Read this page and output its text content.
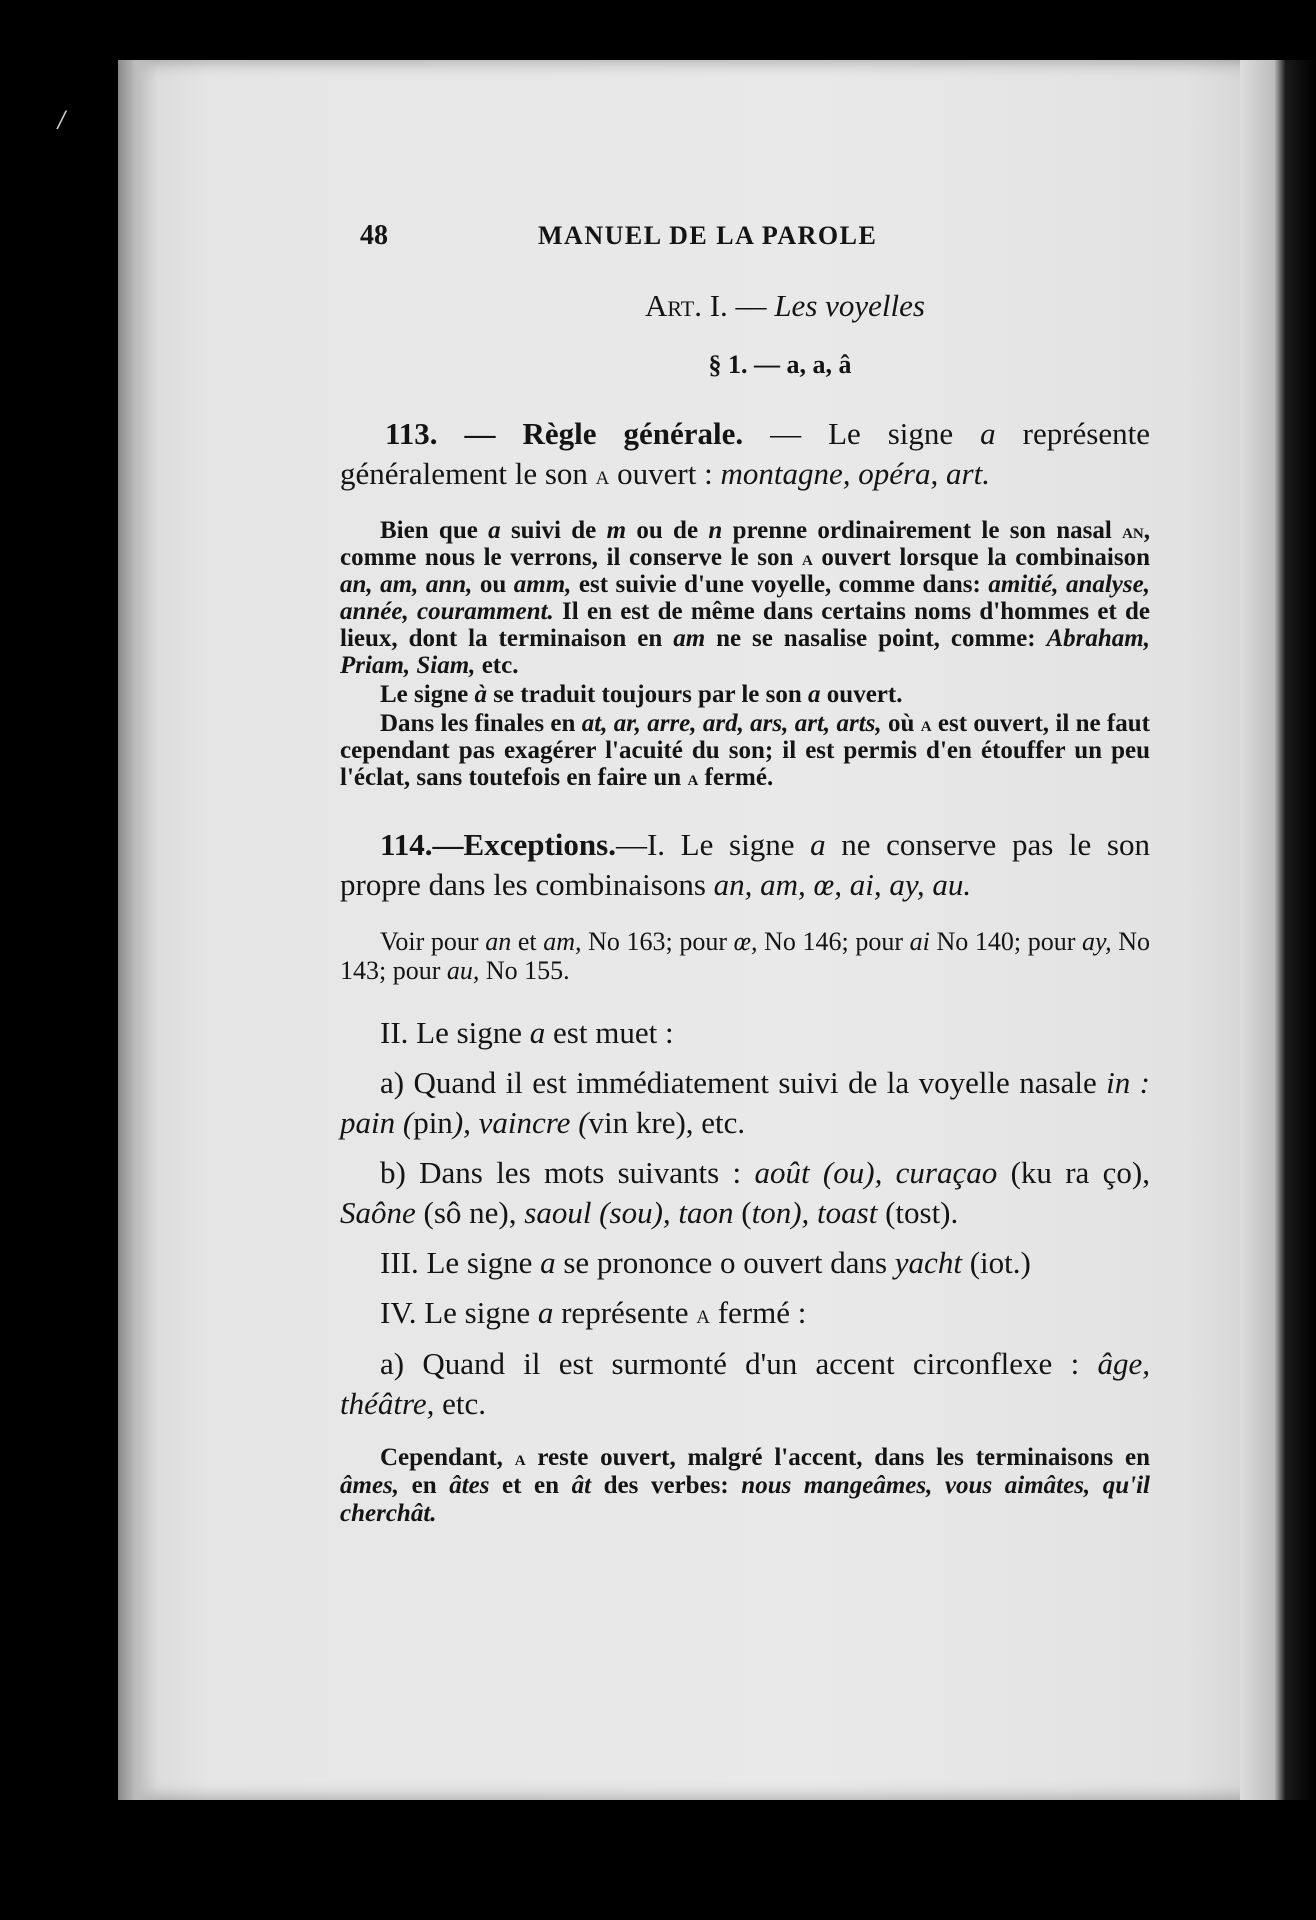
/
48	MANUEL DE LA PAROLE
Art. I. — Les voyelles
§ 1. — a, a, â

113. — Règle générale. — Le signe a représente généralement le son a ouvert : montagne, opéra, art.

Bien que a suivi de m ou de n prenne ordinairement le son nasal an, comme nous le verrons, il conserve le son a ouvert lorsque la combinaison an, am, ann, ou amm, est suivie d'une voyelle, comme dans: amitié, analyse, année, couramment. Il en est de même dans certains noms d'hommes et de lieux, dont la terminaison en am ne se nasalise point, comme: Abraham, Priam, Siam, etc.

Le signe à se traduit toujours par le son a ouvert.

Dans les finales en at, ar, arre, ard, ars, art, arts, où a est ouvert, il ne faut cependant pas exagérer l'acuité du son; il est permis d'en étouffer un peu l'éclat, sans toutefois en faire un a fermé.

114.—Exceptions.—I. Le signe a ne conserve pas le son propre dans les combinaisons an, am, œ, ai, ay, au.

Voir pour an et am, No 163; pour œ, No 146; pour ai No 140; pour ay, No 143; pour au, No 155.

II. Le signe a est muet :

a) Quand il est immédiatement suivi de la voyelle nasale in : pain (pin), vaincre (vin kre), etc.

b) Dans les mots suivants : août (ou), curaçao (ku ra ço), Saône (sô ne), saoul (sou), taon (ton), toast (tost).

III. Le signe a se prononce o ouvert dans yacht (iot.)

IV. Le signe a représente a fermé :

a) Quand il est surmonté d'un accent circonflexe : âge, théâtre, etc.

Cependant, a reste ouvert, malgré l'accent, dans les terminaisons en âmes, en âtes et en ât des verbes: nous mangeâmes, vous aimâtes, qu'il cherchât.
